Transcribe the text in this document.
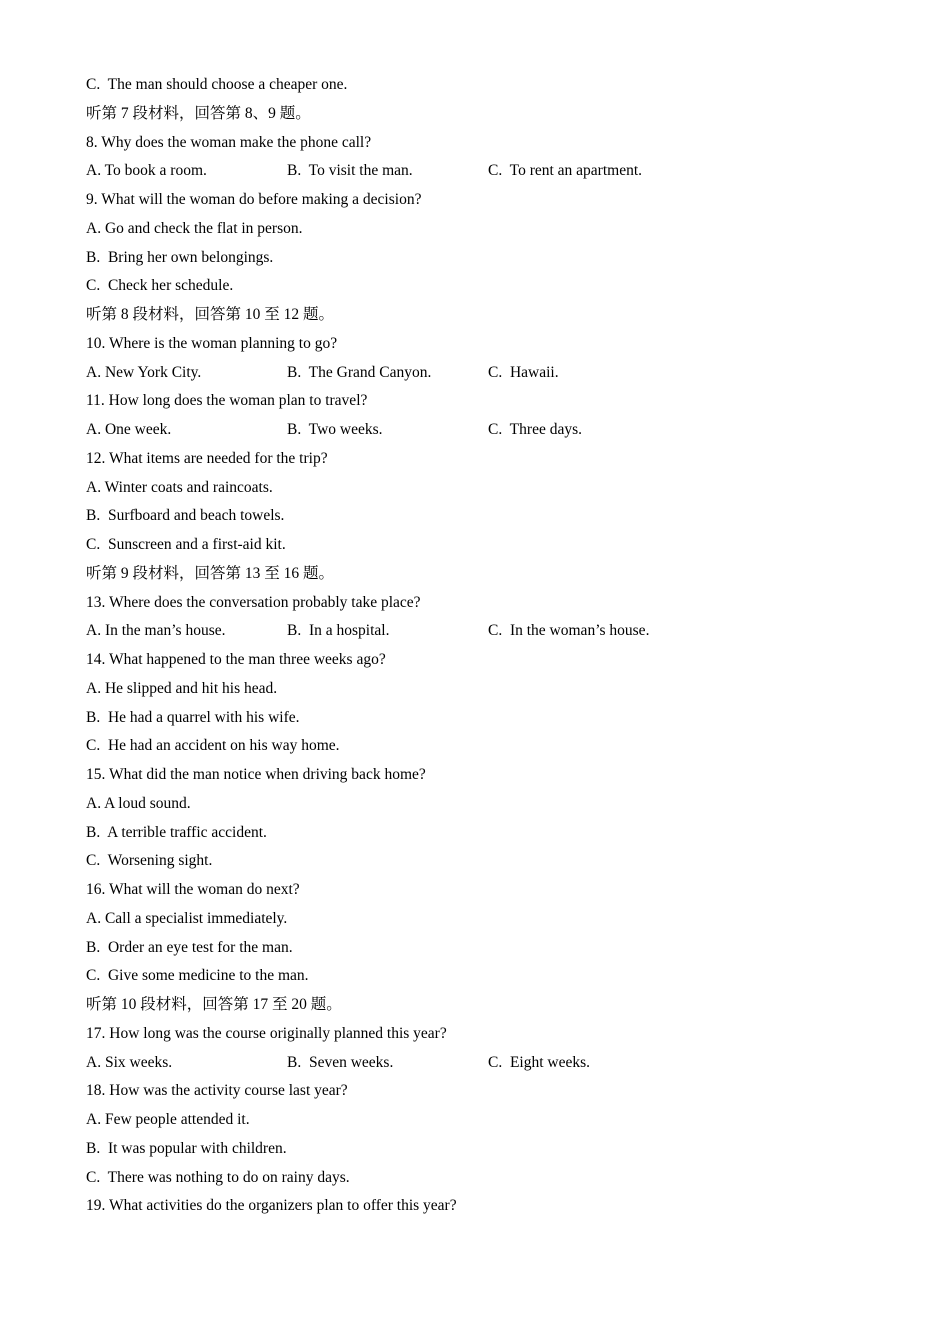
C.  The man should choose a cheaper one.
听第 7 段材料，回答第 8、9 题。
8. Why does the woman make the phone call?
A. To book a room.	B.  To visit the man.	C.  To rent an apartment.
9. What will the woman do before making a decision?
A. Go and check the flat in person.
B.  Bring her own belongings.
C.  Check her schedule.
听第 8 段材料，回答第 10 至 12 题。
10. Where is the woman planning to go?
A. New York City.	B.  The Grand Canyon.	C.  Hawaii.
11. How long does the woman plan to travel?
A. One week.	B.  Two weeks.	C.  Three days.
12. What items are needed for the trip?
A. Winter coats and raincoats.
B.  Surfboard and beach towels.
C.  Sunscreen and a first-aid kit.
听第 9 段材料，回答第 13 至 16 题。
13. Where does the conversation probably take place?
A. In the man’s house.	B.  In a hospital.	C.  In the woman’s house.
14. What happened to the man three weeks ago?
A. He slipped and hit his head.
B.  He had a quarrel with his wife.
C.  He had an accident on his way home.
15. What did the man notice when driving back home?
A. A loud sound.
B.  A terrible traffic accident.
C.  Worsening sight.
16. What will the woman do next?
A. Call a specialist immediately.
B.  Order an eye test for the man.
C.  Give some medicine to the man.
听第 10 段材料，回答第 17 至 20 题。
17. How long was the course originally planned this year?
A. Six weeks.	B.  Seven weeks.	C.  Eight weeks.
18. How was the activity course last year?
A. Few people attended it.
B.  It was popular with children.
C.  There was nothing to do on rainy days.
19. What activities do the organizers plan to offer this year?
